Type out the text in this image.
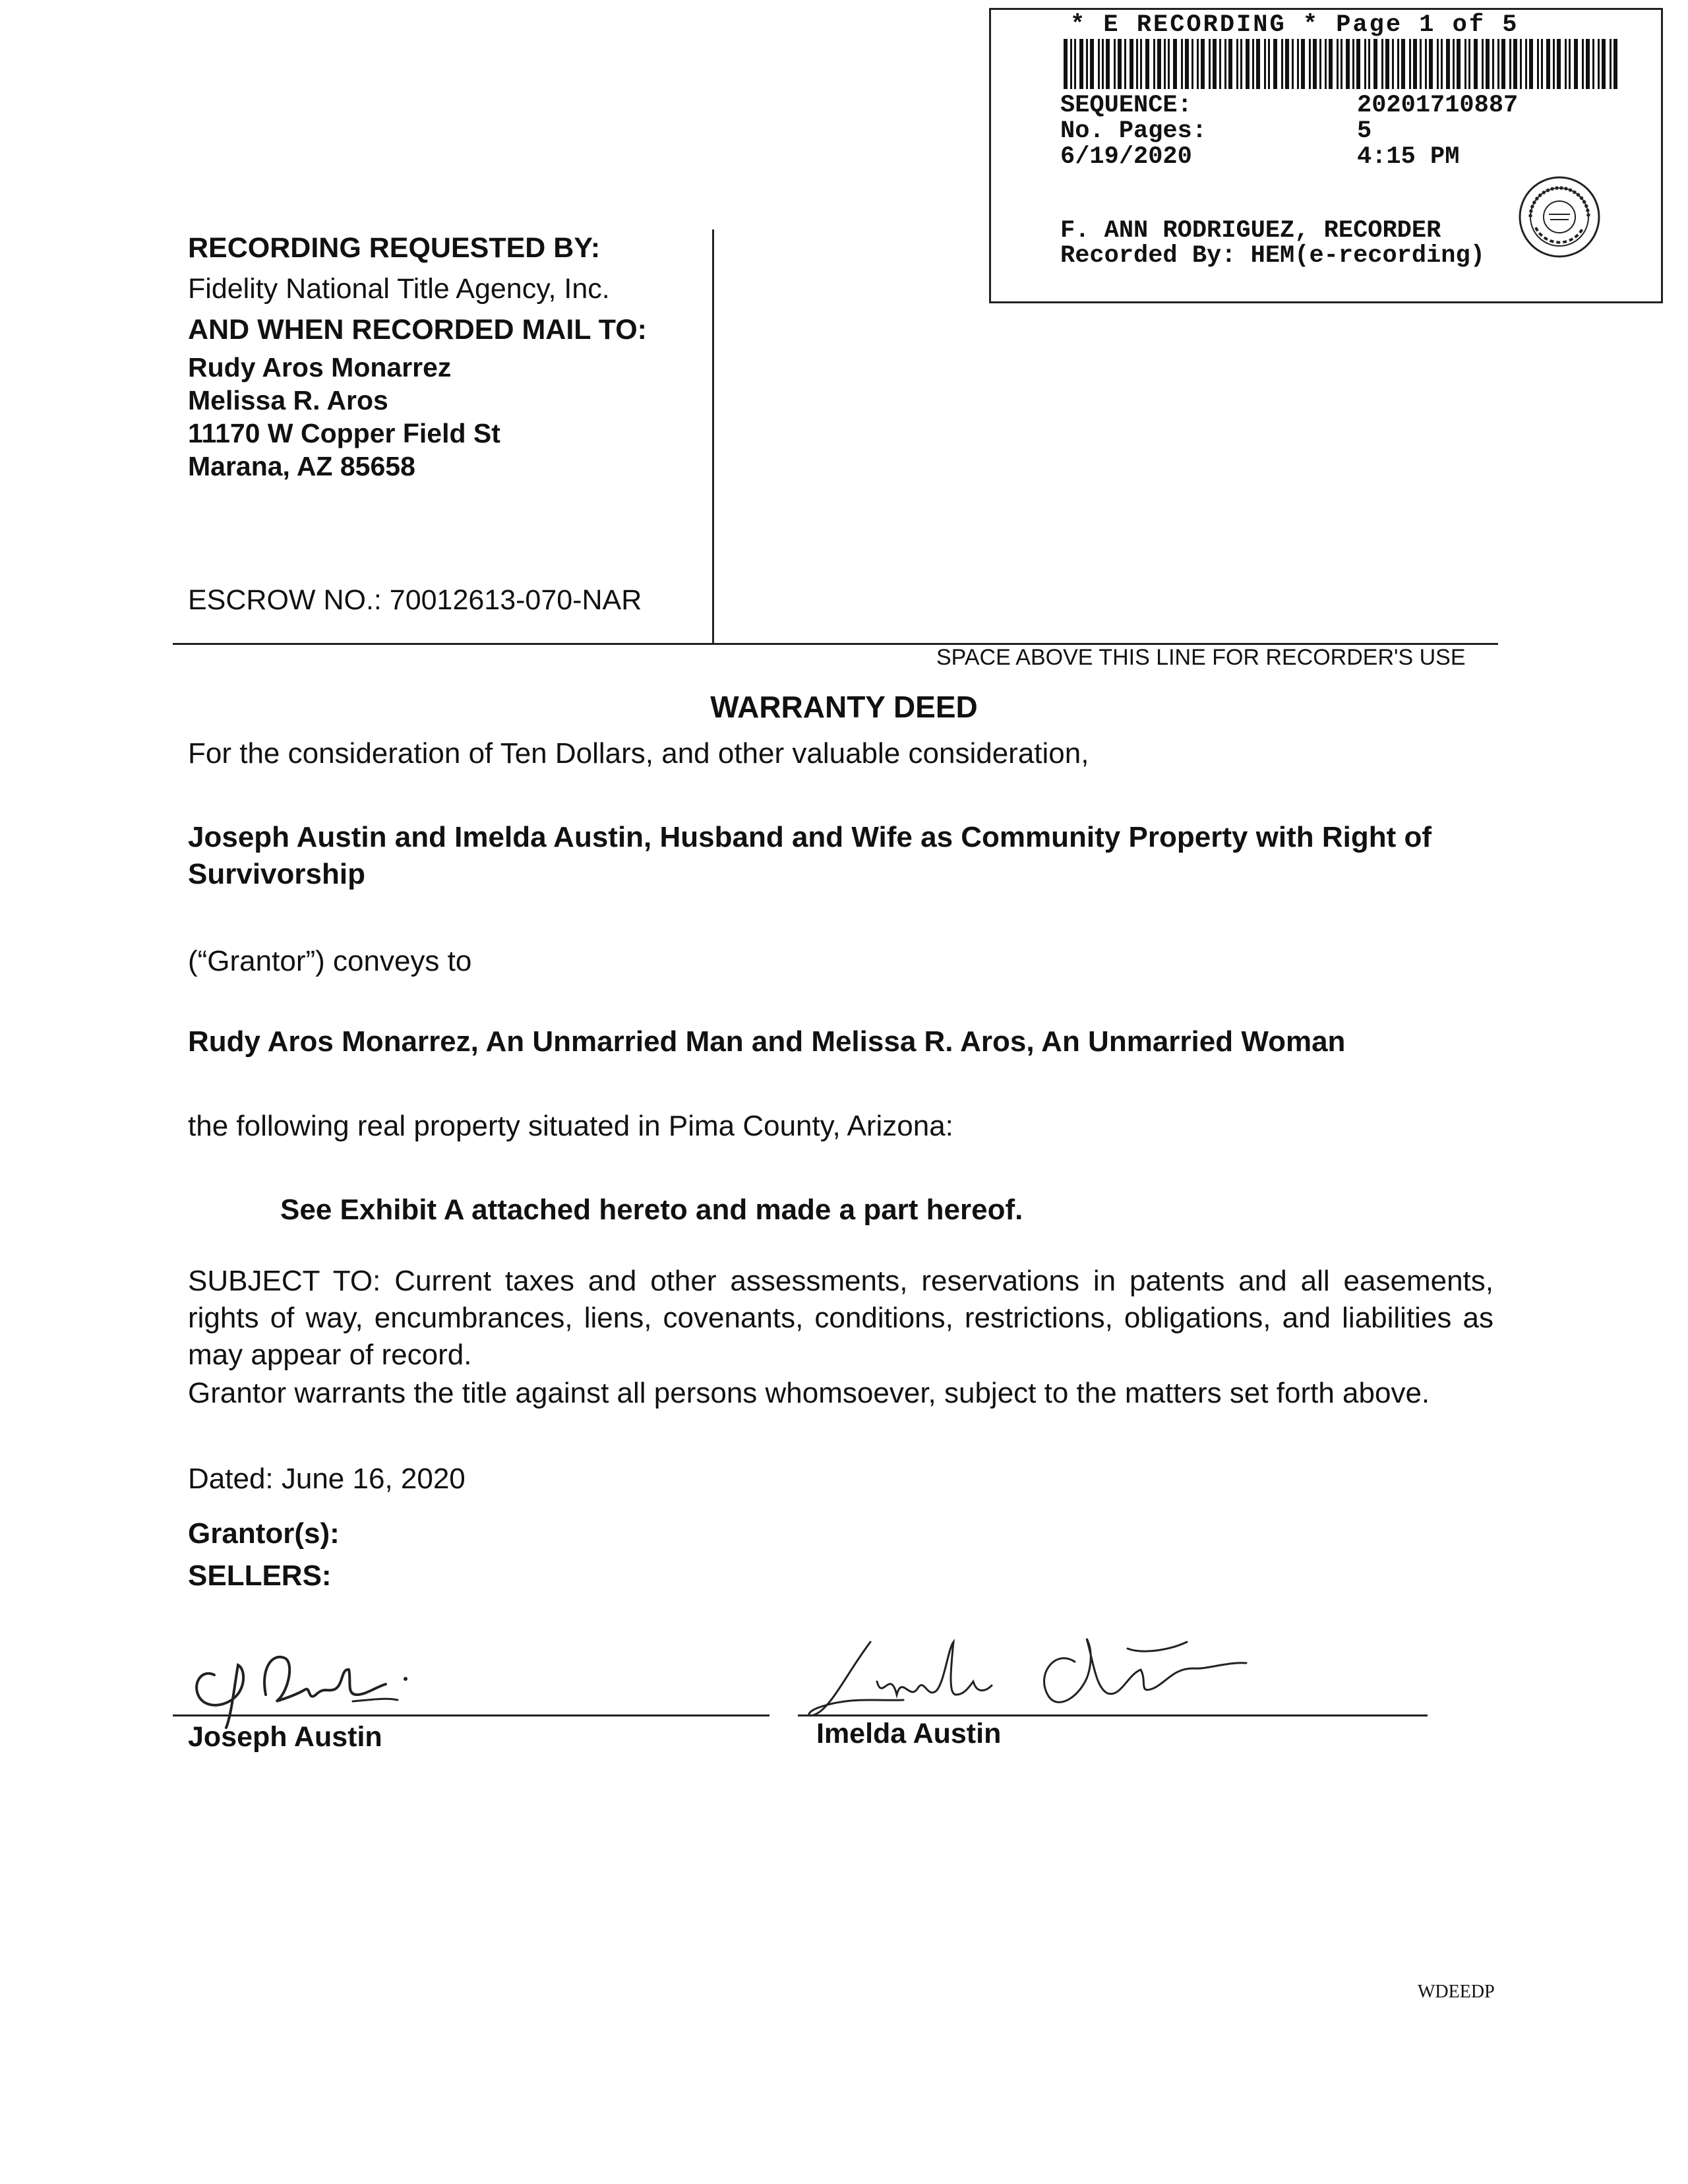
* E RECORDING * Page 1 of 5
SEQUENCE:	20201710887
No. Pages:	5
6/19/2020	4:15 PM
F. ANN RODRIGUEZ, RECORDER
Recorded By: HEM(e-recording)
RECORDING REQUESTED BY:
Fidelity National Title Agency, Inc.
AND WHEN RECORDED MAIL TO:
Rudy Aros Monarrez
Melissa R. Aros
11170 W Copper Field St
Marana, AZ 85658
ESCROW NO.: 70012613-070-NAR
SPACE ABOVE THIS LINE FOR RECORDER'S USE
WARRANTY DEED
For the consideration of Ten Dollars, and other valuable consideration,
Joseph Austin and Imelda Austin, Husband and Wife as Community Property with Right of Survivorship
(“Grantor”) conveys to
Rudy Aros Monarrez, An Unmarried Man and Melissa R. Aros, An Unmarried Woman
the following real property situated in Pima County, Arizona:
See Exhibit A attached hereto and made a part hereof.
SUBJECT TO: Current taxes and other assessments, reservations in patents and all easements, rights of way, encumbrances, liens, covenants, conditions, restrictions, obligations, and liabilities as may appear of record.
Grantor warrants the title against all persons whomsoever, subject to the matters set forth above.
Dated: June 16, 2020
Grantor(s):
SELLERS:
Joseph Austin	Imelda Austin
WDEEDP
